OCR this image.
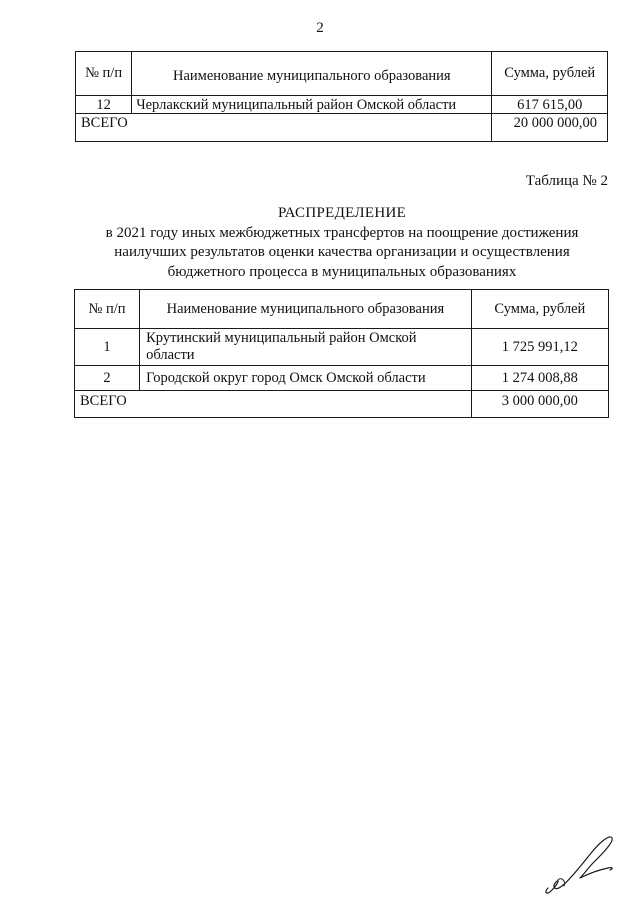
2
№ п/п	Наименование муниципального образования	Сумма, рублей
12	Черлакский муниципальный район Омской области	617 615,00
ВСЕГО		20 000 000,00
Таблица № 2
РАСПРЕДЕЛЕНИЕ
в 2021 году иных межбюджетных трансфертов на поощрение достижения
наилучших результатов оценки качества организации и осуществления
бюджетного процесса в муниципальных образованиях
№ п/п	Наименование муниципального образования	Сумма, рублей
1	Крутинский муниципальный район Омской области	1 725 991,12
2	Городской округ город Омск Омской области	1 274 008,88
ВСЕГО		3 000 000,00
